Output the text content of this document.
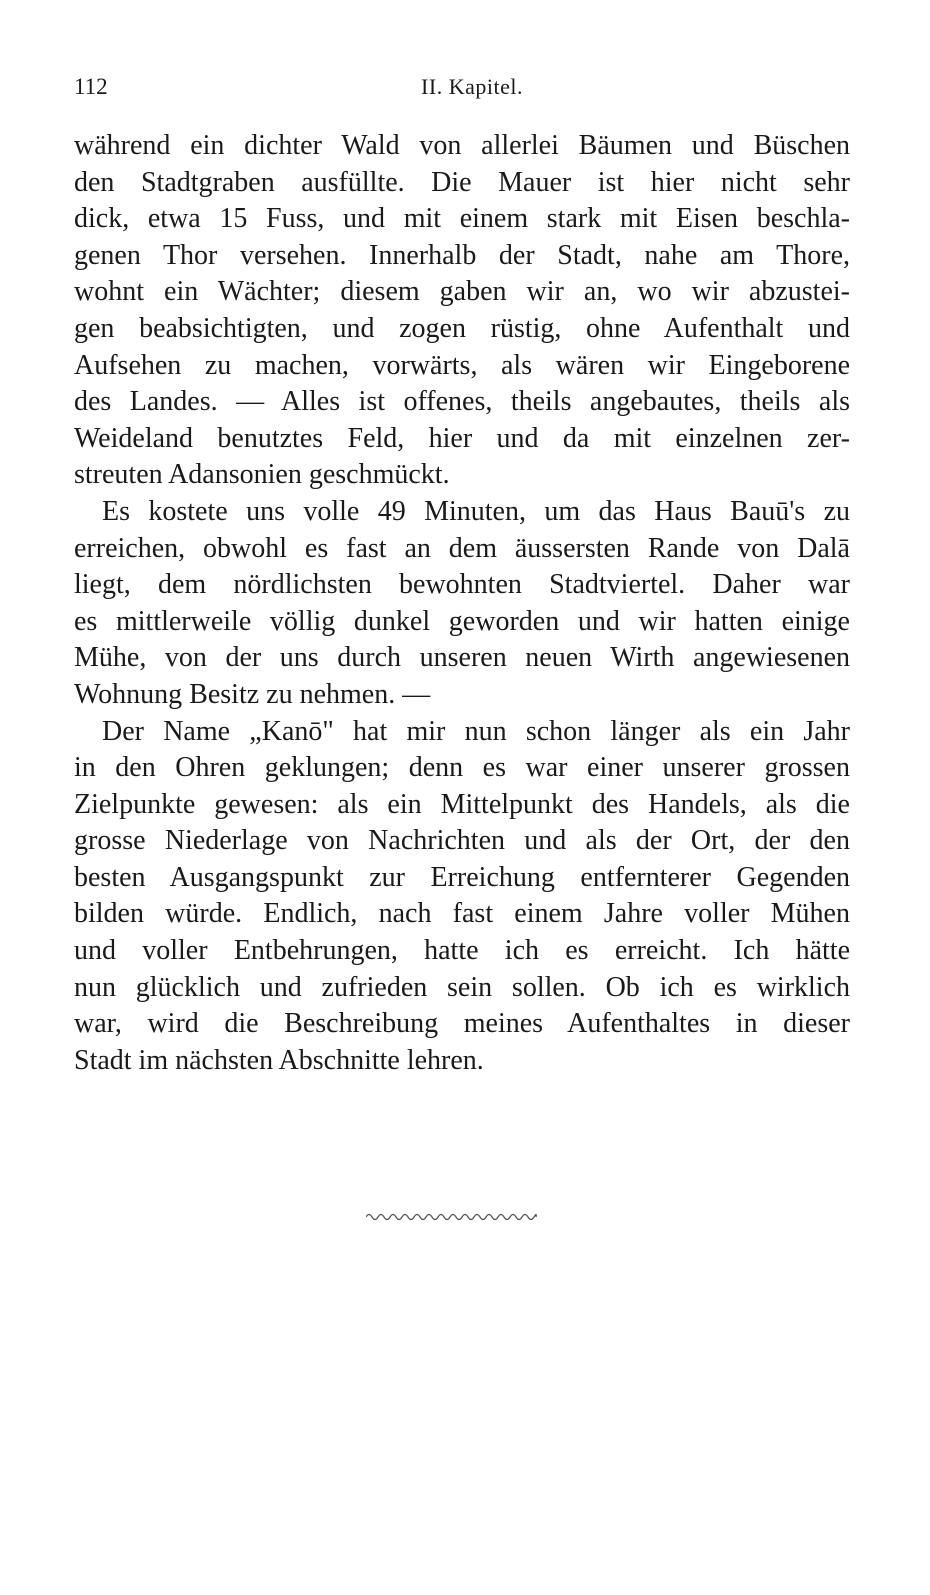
112	II. Kapitel.
während ein dichter Wald von allerlei Bäumen und Büschen
den Stadtgraben ausfüllte. Die Mauer ist hier nicht sehr
dick, etwa 15 Fuss, und mit einem stark mit Eisen beschla-
genen Thor versehen. Innerhalb der Stadt, nahe am Thore,
wohnt ein Wächter; diesem gaben wir an, wo wir abzustei-
gen beabsichtigten, und zogen rüstig, ohne Aufenthalt und
Aufsehen zu machen, vorwärts, als wären wir Eingeborene
des Landes. — Alles ist offenes, theils angebautes, theils als
Weideland benutztes Feld, hier und da mit einzelnen zer-
streuten Adansonien geschmückt.
Es kostete uns volle 49 Minuten, um das Haus Bauū's zu
erreichen, obwohl es fast an dem äussersten Rande von Dalā
liegt, dem nördlichsten bewohnten Stadtviertel. Daher war
es mittlerweile völlig dunkel geworden und wir hatten einige
Mühe, von der uns durch unseren neuen Wirth angewiesenen
Wohnung Besitz zu nehmen. —
Der Name „Kanō" hat mir nun schon länger als ein Jahr
in den Ohren geklungen; denn es war einer unserer grossen
Zielpunkte gewesen: als ein Mittelpunkt des Handels, als die
grosse Niederlage von Nachrichten und als der Ort, der den
besten Ausgangspunkt zur Erreichung entfernterer Gegenden
bilden würde. Endlich, nach fast einem Jahre voller Mühen
und voller Entbehrungen, hatte ich es erreicht. Ich hätte
nun glücklich und zufrieden sein sollen. Ob ich es wirklich
war, wird die Beschreibung meines Aufenthaltes in dieser
Stadt im nächsten Abschnitte lehren.
